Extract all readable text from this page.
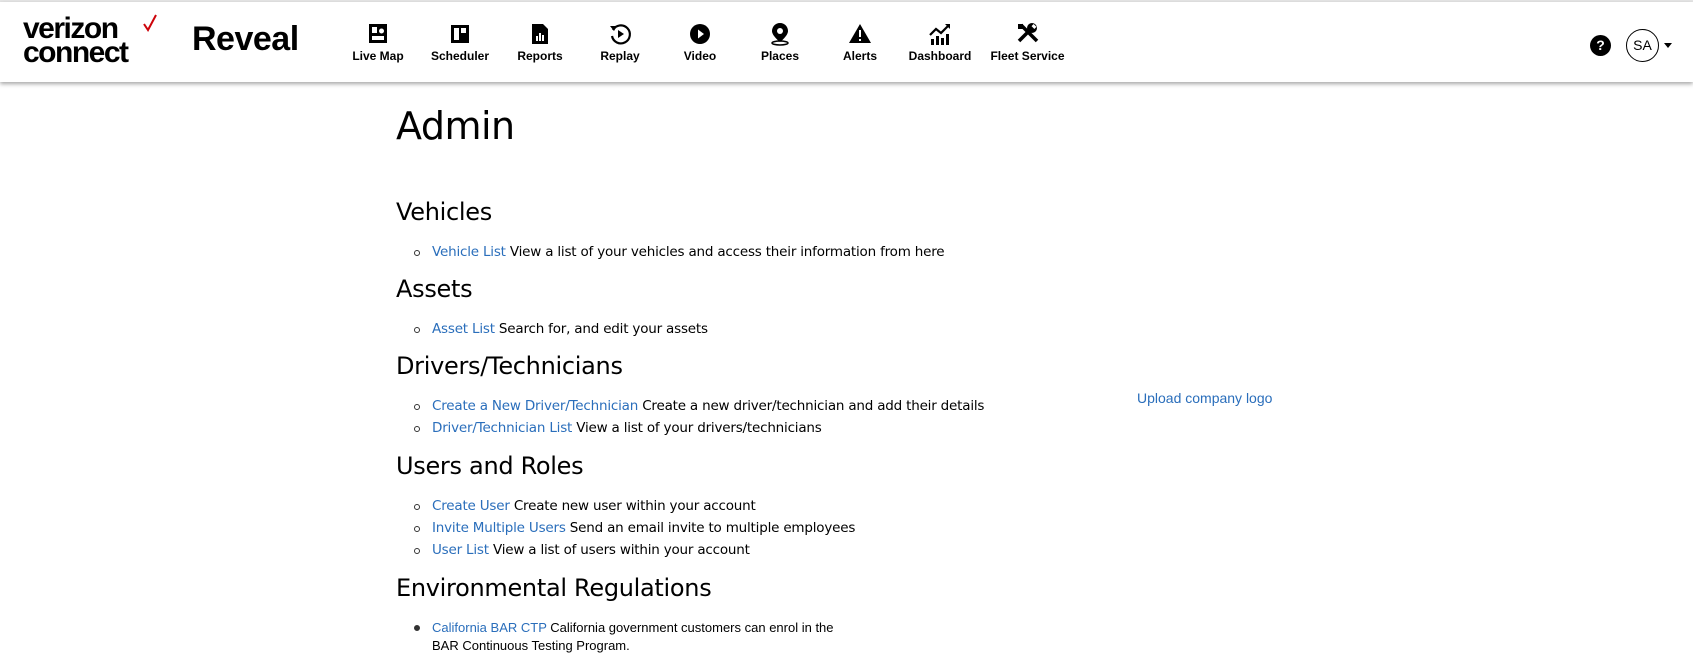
verizon
connect Reveal	Live Map	Scheduler	Reports	Replay	Video	Places	Alerts	Dashboard	Fleet Service
?	SA
Admin
Vehicles
Vehicle List View a list of your vehicles and access their information from here
Assets
Asset List Search for, and edit your assets
Drivers/Technicians
Create a New Driver/Technician Create a new driver/technician and add their details
Driver/Technician List View a list of your drivers/technicians
Users and Roles
Create User Create new user within your account
Invite Multiple Users Send an email invite to multiple employees
User List View a list of users within your account
Environmental Regulations
California BAR CTP California government customers can enrol in the BAR Continuous Testing Program.
Upload company logo
